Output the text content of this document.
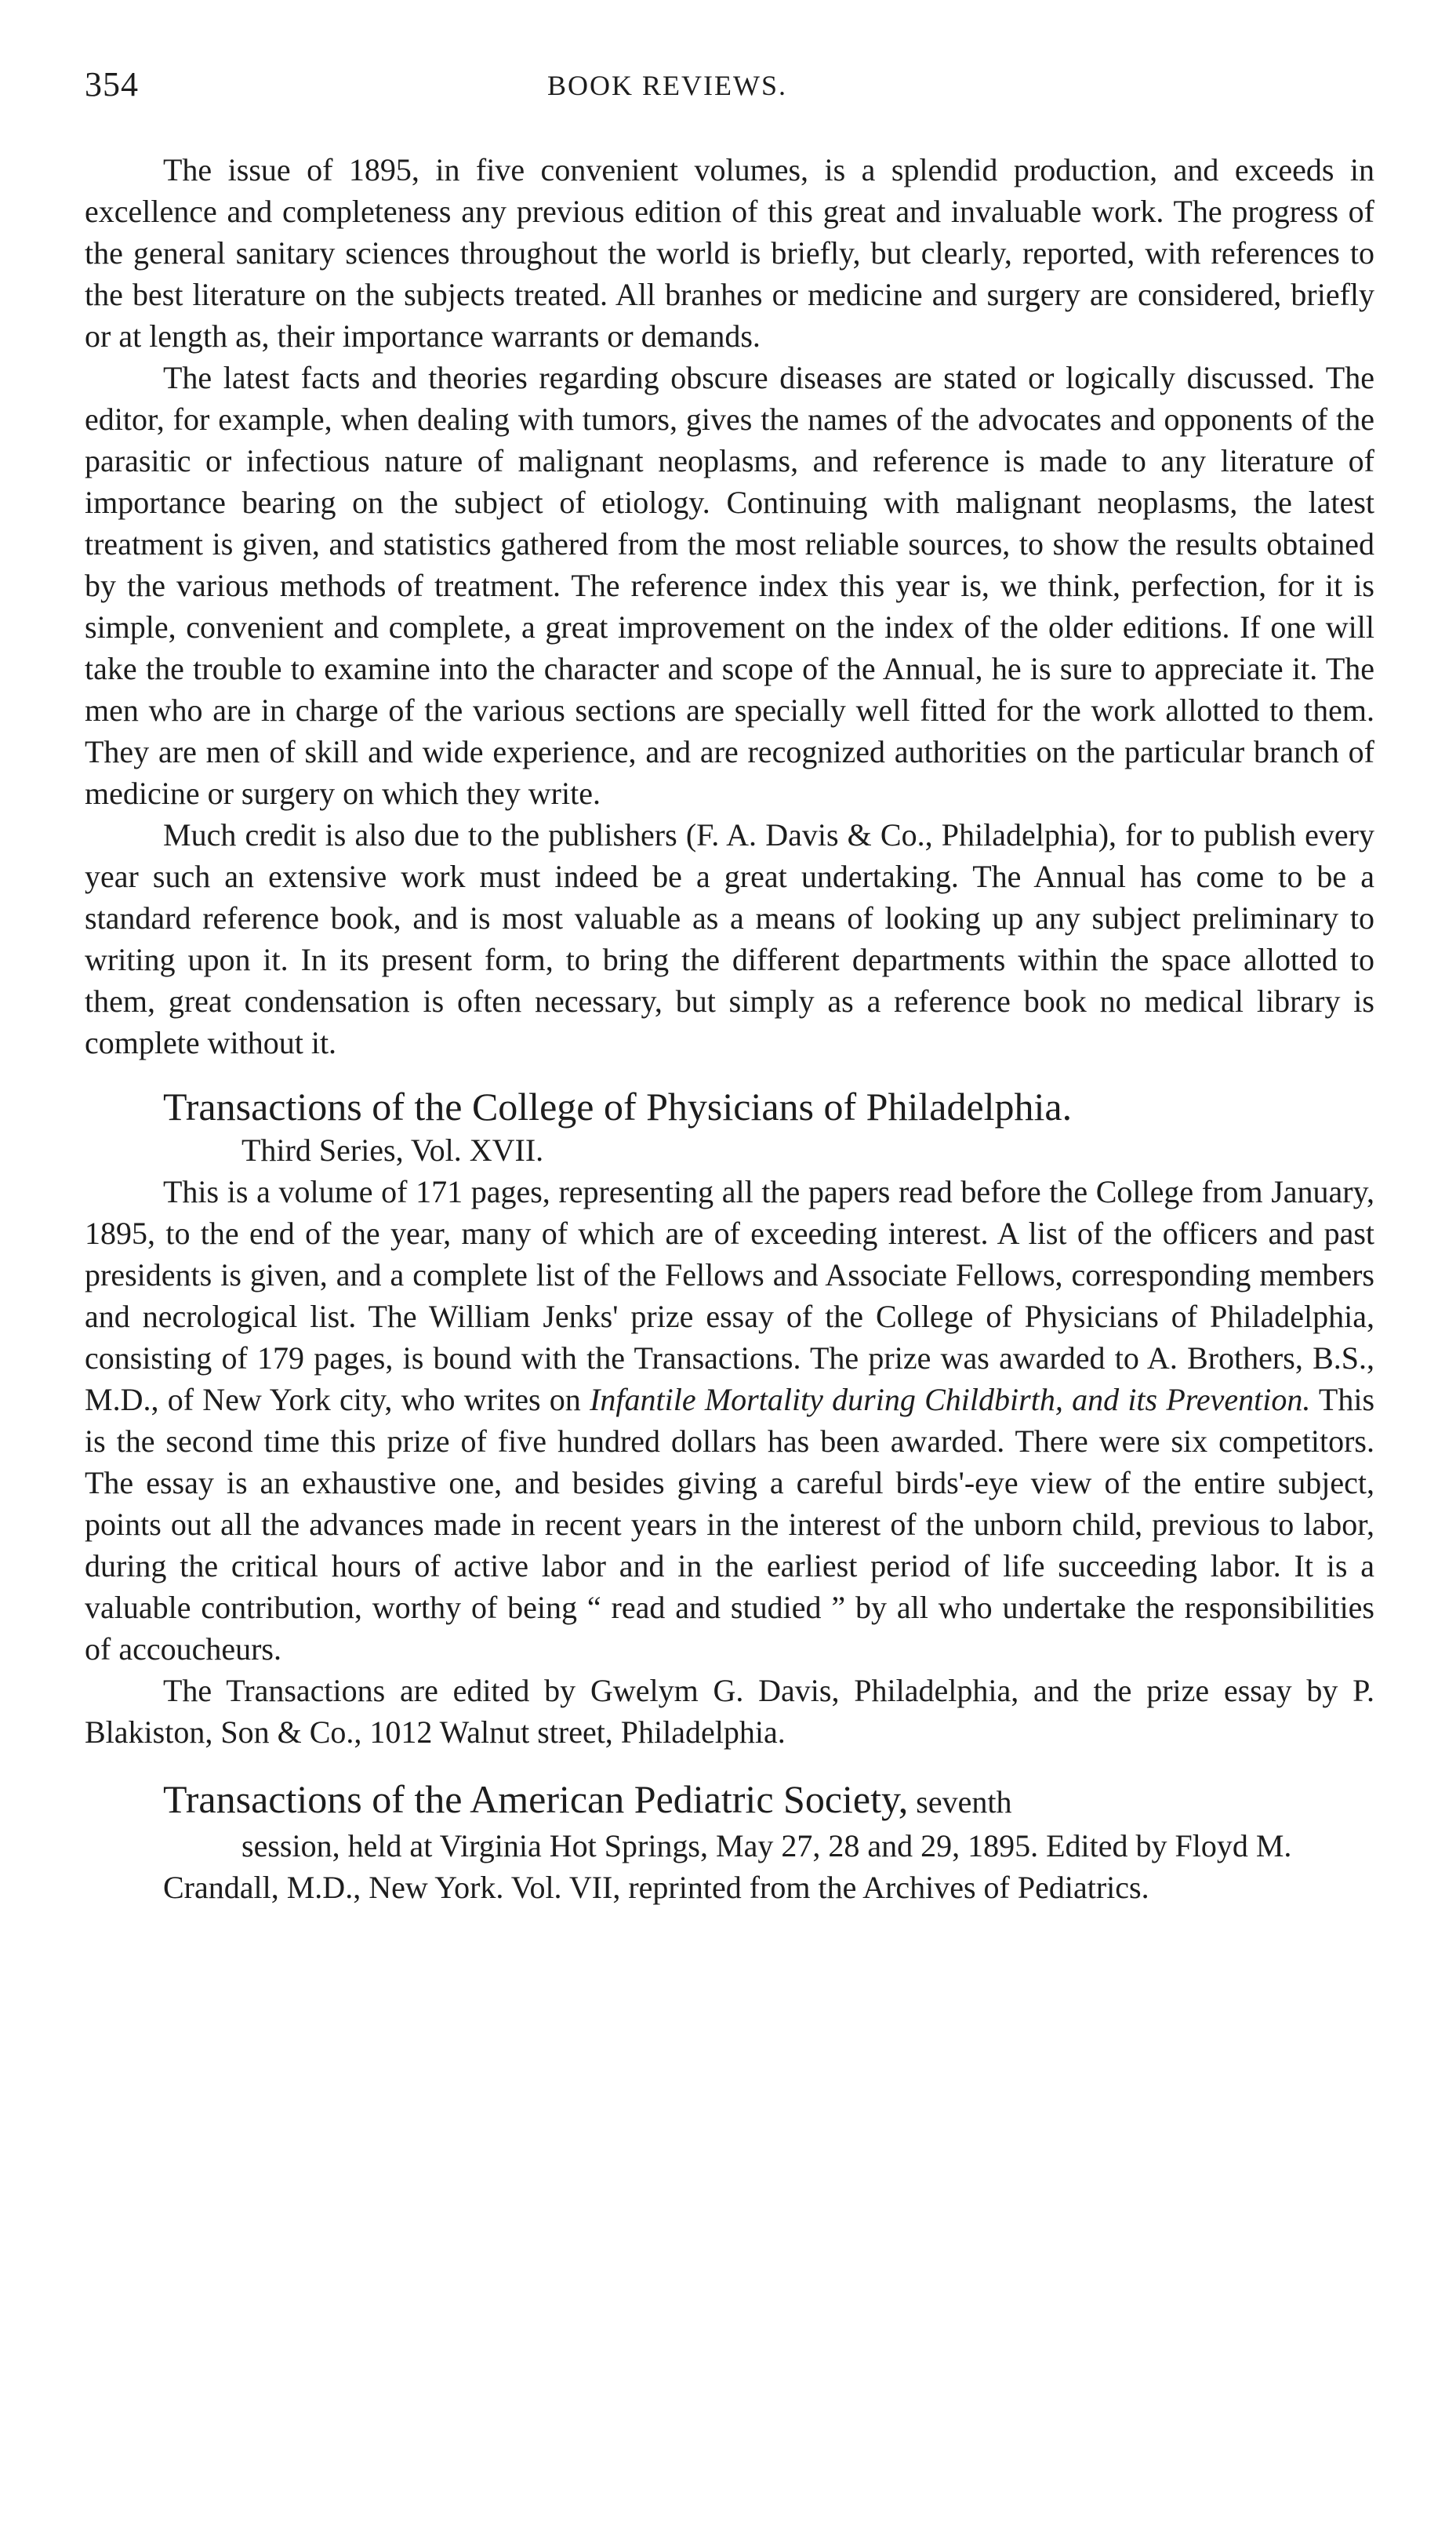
354	BOOK REVIEWS.

The issue of 1895, in five convenient volumes, is a splendid production, and exceeds in excellence and completeness any previous edition of this great and invaluable work. The progress of the general sanitary sciences throughout the world is briefly, but clearly, reported, with references to the best literature on the subjects treated. All branhes or medicine and surgery are considered, briefly or at length as, their importance warrants or demands.

The latest facts and theories regarding obscure diseases are stated or logically discussed. The editor, for example, when dealing with tumors, gives the names of the advocates and opponents of the parasitic or infectious nature of malignant neoplasms, and reference is made to any literature of importance bearing on the subject of etiology. Continuing with malignant neoplasms, the latest treatment is given, and statistics gathered from the most reliable sources, to show the results obtained by the various methods of treatment. The reference index this year is, we think, perfection, for it is simple, convenient and complete, a great improvement on the index of the older editions. If one will take the trouble to examine into the character and scope of the Annual, he is sure to appreciate it. The men who are in charge of the various sections are specially well fitted for the work allotted to them. They are men of skill and wide experience, and are recognized authorities on the particular branch of medicine or surgery on which they write.

Much credit is also due to the publishers (F. A. Davis & Co., Philadelphia), for to publish every year such an extensive work must indeed be a great undertaking. The Annual has come to be a standard reference book, and is most valuable as a means of looking up any subject preliminary to writing upon it. In its present form, to bring the different departments within the space allotted to them, great condensation is often necessary, but simply as a reference book no medical library is complete without it.

Transactions of the College of Physicians of Philadelphia.

Third Series, Vol. XVII.

This is a volume of 171 pages, representing all the papers read before the College from January, 1895, to the end of the year, many of which are of exceeding interest. A list of the officers and past presidents is given, and a complete list of the Fellows and Associate Fellows, corresponding members and necrological list. The William Jenks' prize essay of the College of Physicians of Philadelphia, consisting of 179 pages, is bound with the Transactions. The prize was awarded to A. Brothers, B.S., M.D., of New York city, who writes on Infantile Mortality during Childbirth, and its Prevention. This is the second time this prize of five hundred dollars has been awarded. There were six competitors. The essay is an exhaustive one, and besides giving a careful birds'-eye view of the entire subject, points out all the advances made in recent years in the interest of the unborn child, previous to labor, during the critical hours of active labor and in the earliest period of life succeeding labor. It is a valuable contribution, worthy of being “ read and studied ” by all who undertake the responsibilities of accoucheurs.

The Transactions are edited by Gwelym G. Davis, Philadelphia, and the prize essay by P. Blakiston, Son & Co., 1012 Walnut street, Philadelphia.

Transactions of the American Pediatric Society, seventh

session, held at Virginia Hot Springs, May 27, 28 and 29, 1895. Edited by Floyd M. Crandall, M.D., New York. Vol. VII, reprinted from the Archives of Pediatrics.
